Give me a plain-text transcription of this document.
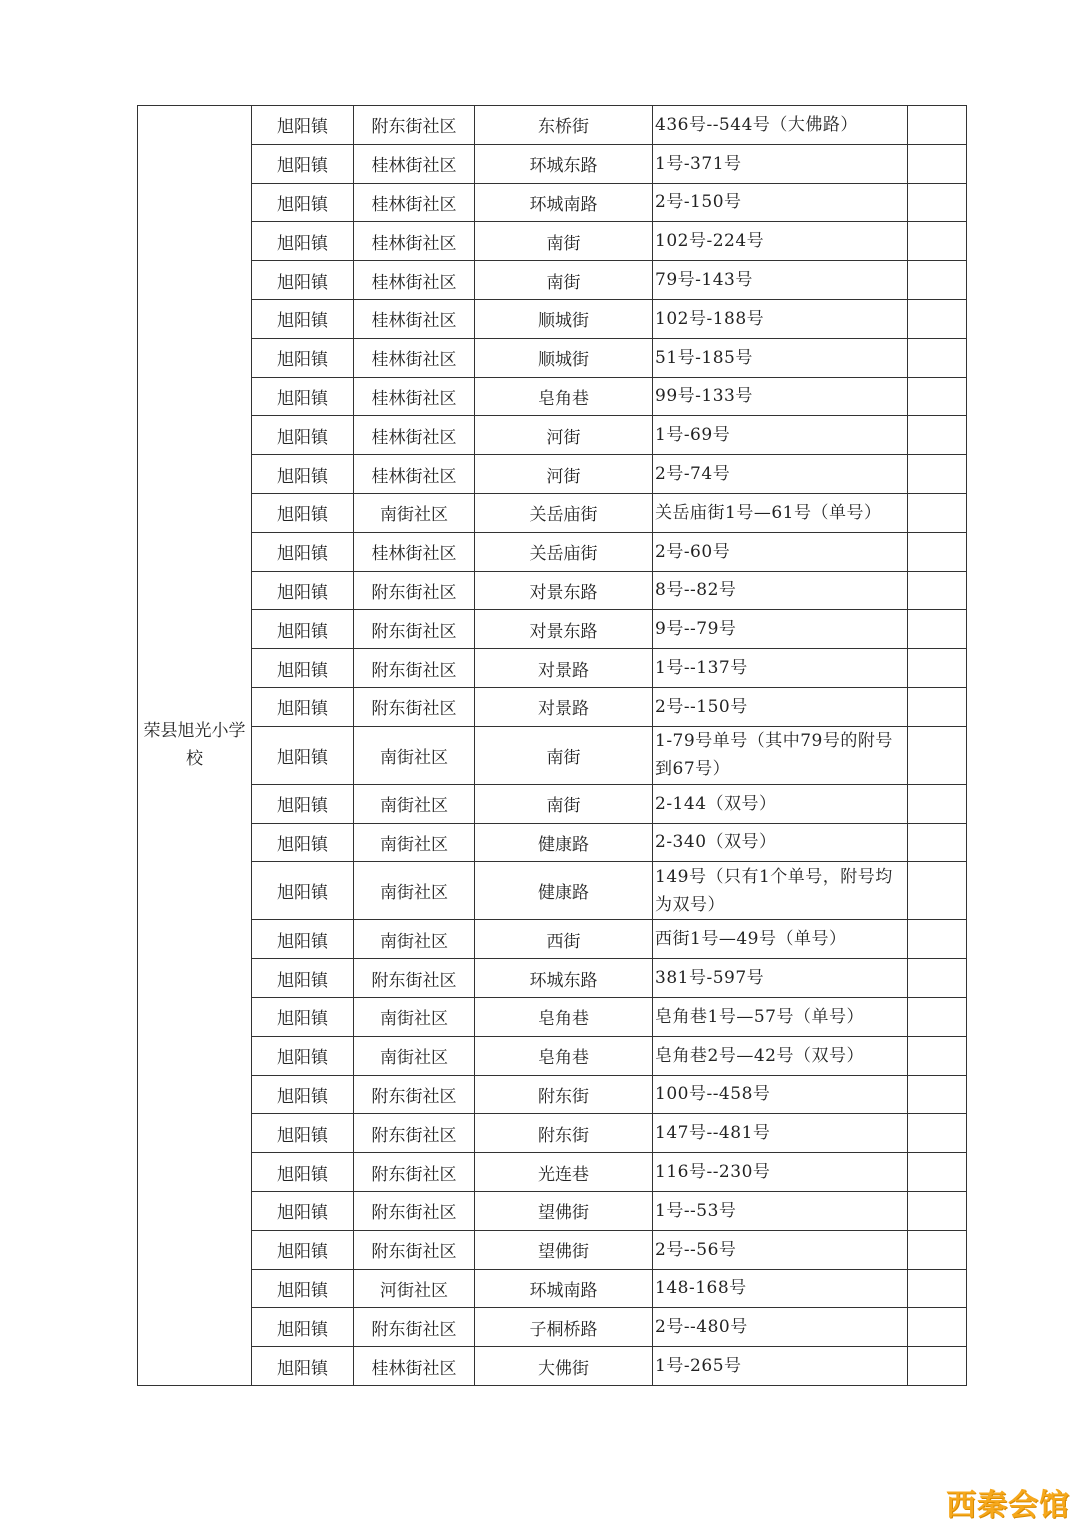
荣县旭光小学校	旭阳镇	附东街社区	东桥街	436号--544号（大佛路）	
	旭阳镇	桂林街社区	环城东路	1号-371号	
	旭阳镇	桂林街社区	环城南路	2号-150号	
	旭阳镇	桂林街社区	南街	102号-224号	
	旭阳镇	桂林街社区	南街	79号-143号	
	旭阳镇	桂林街社区	顺城街	102号-188号	
	旭阳镇	桂林街社区	顺城街	51号-185号	
	旭阳镇	桂林街社区	皂角巷	99号-133号	
	旭阳镇	桂林街社区	河街	1号-69号	
	旭阳镇	桂林街社区	河街	2号-74号	
	旭阳镇	南街社区	关岳庙街	关岳庙街1号—61号（单号）	
	旭阳镇	桂林街社区	关岳庙街	2号-60号	
	旭阳镇	附东街社区	对景东路	8号--82号	
	旭阳镇	附东街社区	对景东路	9号--79号	
	旭阳镇	附东街社区	对景路	1号--137号	
	旭阳镇	附东街社区	对景路	2号--150号	
	旭阳镇	南街社区	南街	1-79号单号（其中79号的附号到67号）	
	旭阳镇	南街社区	南街	2-144（双号）	
	旭阳镇	南街社区	健康路	2-340（双号）	
	旭阳镇	南街社区	健康路	149号（只有1个单号，附号均为双号）	
	旭阳镇	南街社区	西街	西街1号—49号（单号）	
	旭阳镇	附东街社区	环城东路	381号-597号	
	旭阳镇	南街社区	皂角巷	皂角巷1号—57号（单号）	
	旭阳镇	南街社区	皂角巷	皂角巷2号—42号（双号）	
	旭阳镇	附东街社区	附东街	100号--458号	
	旭阳镇	附东街社区	附东街	147号--481号	
	旭阳镇	附东街社区	光连巷	116号--230号	
	旭阳镇	附东街社区	望佛街	1号--53号	
	旭阳镇	附东街社区	望佛街	2号--56号	
	旭阳镇	河街社区	环城南路	148-168号	
	旭阳镇	附东街社区	子桐桥路	2号--480号	
	旭阳镇	桂林街社区	大佛街	1号-265号	
西秦会馆
